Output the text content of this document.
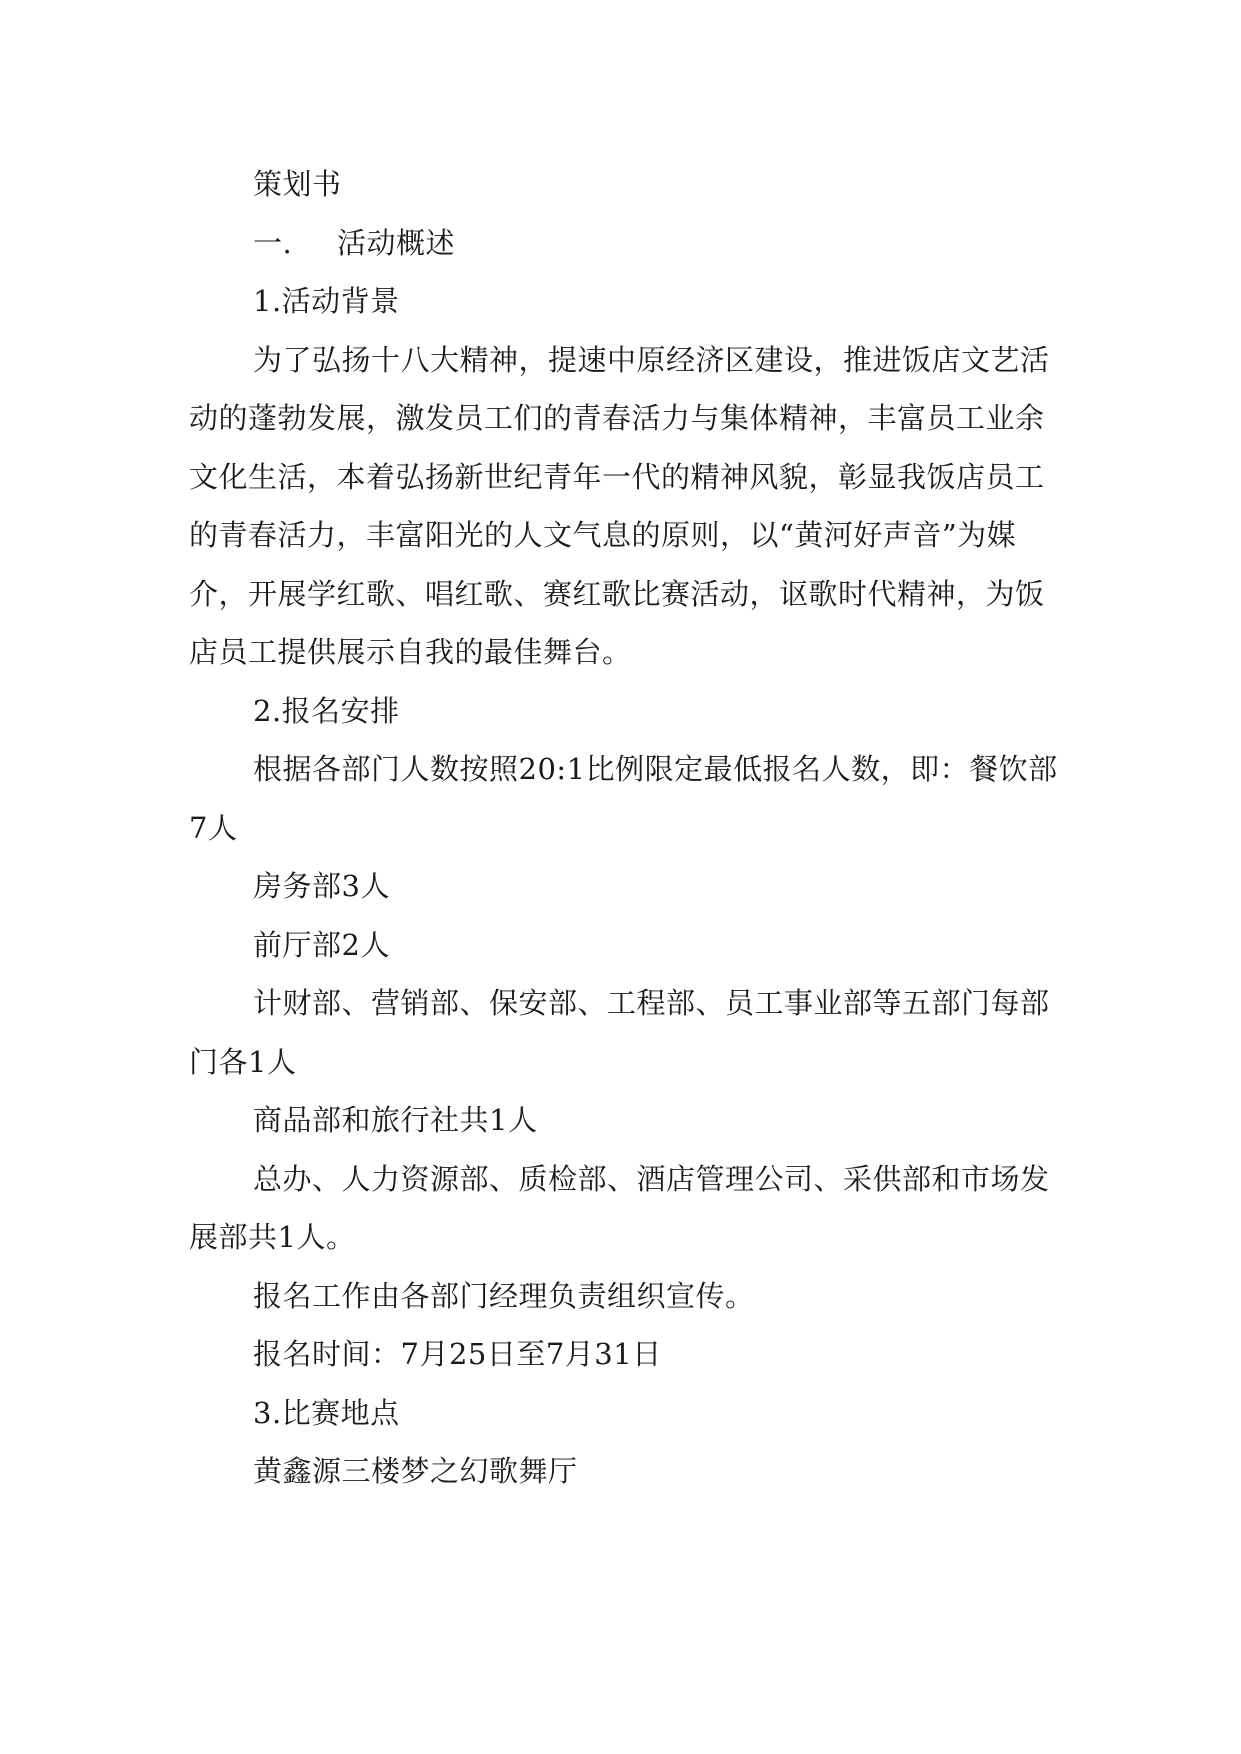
策划书

一. 活动概述

1.活动背景

为了弘扬十八大精神，提速中原经济区建设，推进饭店文艺活动的蓬勃发展，激发员工们的青春活力与集体精神，丰富员工业余文化生活，本着弘扬新世纪青年一代的精神风貌，彰显我饭店员工的青春活力，丰富阳光的人文气息的原则，以“黄河好声音”为媒介，开展学红歌、唱红歌、赛红歌比赛活动，讴歌时代精神，为饭店员工提供展示自我的最佳舞台。

2.报名安排

根据各部门人数按照20:1比例限定最低报名人数，即：餐饮部7人

房务部3人

前厅部2人

计财部、营销部、保安部、工程部、员工事业部等五部门每部门各1人

商品部和旅行社共1人

总办、人力资源部、质检部、酒店管理公司、采供部和市场发展部共1人。

报名工作由各部门经理负责组织宣传。

报名时间：7月25日至7月31日

3.比赛地点

黄鑫源三楼梦之幻歌舞厅
